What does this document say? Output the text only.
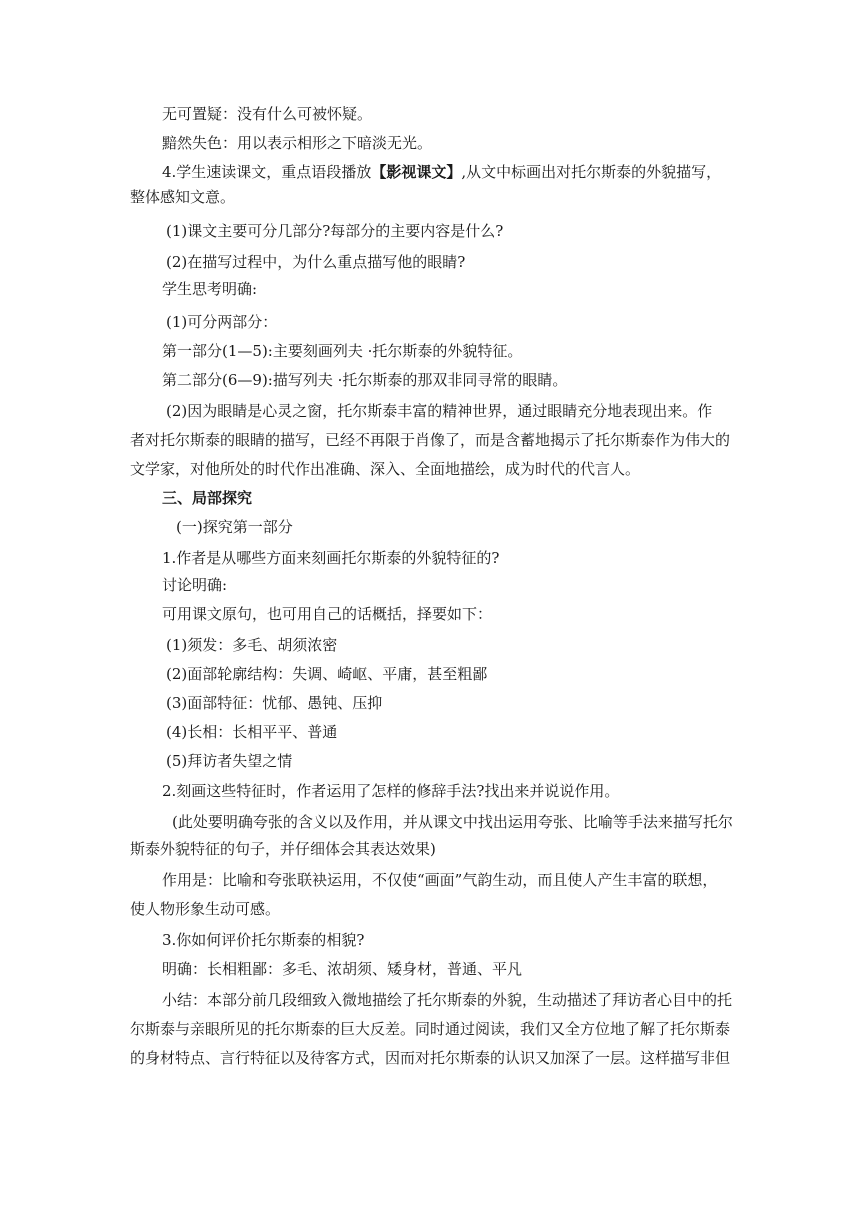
无可置疑：没有什么可被怀疑。
黯然失色：用以表示相形之下暗淡无光。
4.学生速读课文，重点语段播放【影视课文】,从文中标画出对托尔斯泰的外貌描写，
整体感知文意。
(1)课文主要可分几部分?每部分的主要内容是什么?
(2)在描写过程中，为什么重点描写他的眼睛?
学生思考明确:
(1)可分两部分：
第一部分(1—5):主要刻画列夫 ·托尔斯泰的外貌特征。
第二部分(6—9):描写列夫 ·托尔斯泰的那双非同寻常的眼睛。
(2)因为眼睛是心灵之窗，托尔斯泰丰富的精神世界，通过眼睛充分地表现出来。作
者对托尔斯泰的眼睛的描写，已经不再限于肖像了，而是含蓄地揭示了托尔斯泰作为伟大的
文学家，对他所处的时代作出准确、深入、全面地描绘，成为时代的代言人。
三、局部探究
(一)探究第一部分
1.作者是从哪些方面来刻画托尔斯泰的外貌特征的?
讨论明确:
可用课文原句，也可用自己的话概括，择要如下：
(1)须发：多毛、胡须浓密
(2)面部轮廓结构：失调、崎岖、平庸，甚至粗鄙
(3)面部特征：忧郁、愚钝、压抑
(4)长相：长相平平、普通
(5)拜访者失望之情
2.刻画这些特征时，作者运用了怎样的修辞手法?找出来并说说作用。
(此处要明确夸张的含义以及作用，并从课文中找出运用夸张、比喻等手法来描写托尔
斯泰外貌特征的句子，并仔细体会其表达效果)
作用是：比喻和夸张联袂运用，不仅使“画面”气韵生动，而且使人产生丰富的联想，
使人物形象生动可感。
3.你如何评价托尔斯泰的相貌?
明确：长相粗鄙：多毛、浓胡须、矮身材，普通、平凡
小结：本部分前几段细致入微地描绘了托尔斯泰的外貌，生动描述了拜访者心目中的托
尔斯泰与亲眼所见的托尔斯泰的巨大反差。同时通过阅读，我们又全方位地了解了托尔斯泰
的身材特点、言行特征以及待客方式，因而对托尔斯泰的认识又加深了一层。这样描写非但
